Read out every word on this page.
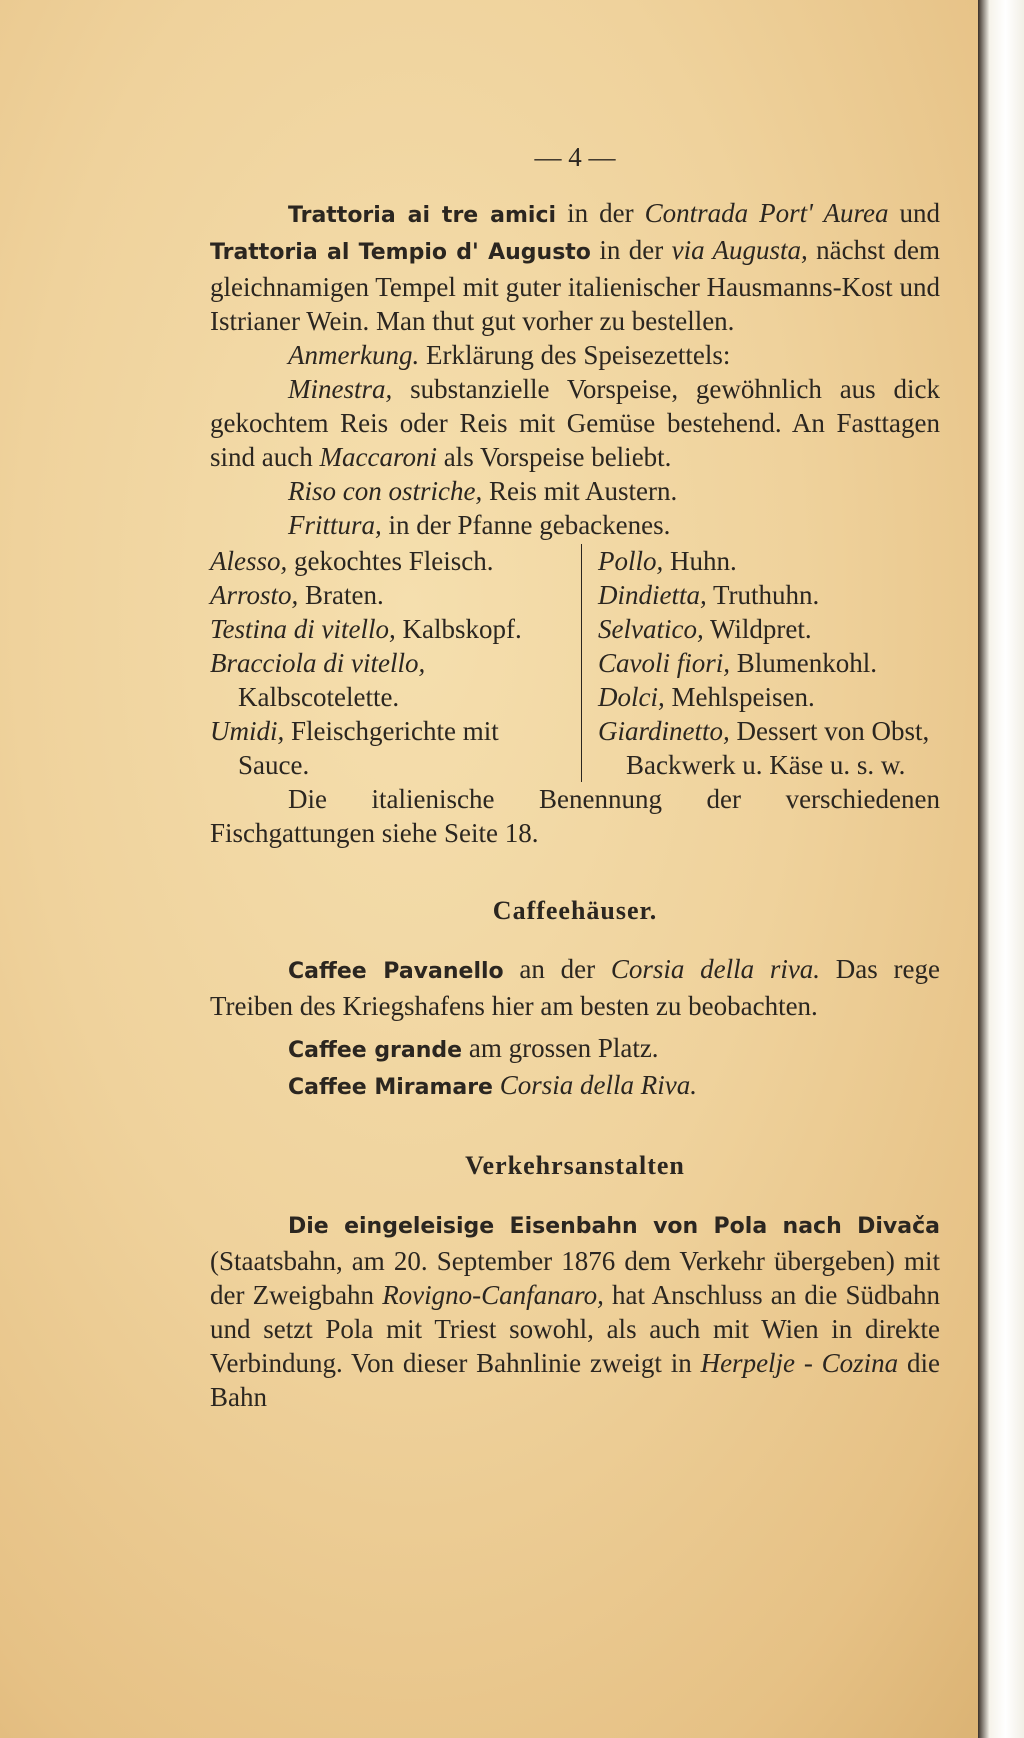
— 4 —

Trattoria ai tre amici in der Contrada Port' Aurea und Trattoria al Tempio d' Augusto in der via Augusta, nächst dem gleichnamigen Tempel mit guter italienischer Hausmanns-Kost und Istrianer Wein. Man thut gut vorher zu bestellen.

Anmerkung. Erklärung des Speisezettels:

Minestra, substanzielle Vorspeise, gewöhnlich aus dick gekochtem Reis oder Reis mit Gemüse bestehend. An Fasttagen sind auch Maccaroni als Vorspeise beliebt.

Riso con ostriche, Reis mit Austern.

Frittura, in der Pfanne gebackenes.

Alesso, gekochtes Fleisch.
Arrosto, Braten.
Testina di vitello, Kalbskopf.
Bracciola di vitello, Kalbscotelette.
Umidi, Fleischgerichte mit Sauce.
Pollo, Huhn.
Dindietta, Truthuhn.
Selvatico, Wildpret.
Cavoli fiori, Blumenkohl.
Dolci, Mehlspeisen.
Giardinetto, Dessert von Obst, Backwerk u. Käse u. s. w.

Die italienische Benennung der verschiedenen Fischgattungen siehe Seite 18.

Caffeehäuser.

Caffee Pavanello an der Corsia della riva. Das rege Treiben des Kriegshafens hier am besten zu beobachten.

Caffee grande am grossen Platz.

Caffee Miramare Corsia della Riva.

Verkehrsanstalten

Die eingeleisige Eisenbahn von Pola nach Divača (Staatsbahn, am 20. September 1876 dem Verkehr übergeben) mit der Zweigbahn Rovigno-Canfanaro, hat Anschluss an die Südbahn und setzt Pola mit Triest sowohl, als auch mit Wien in direkte Verbindung. Von dieser Bahnlinie zweigt in Herpelje - Cozina die Bahn
